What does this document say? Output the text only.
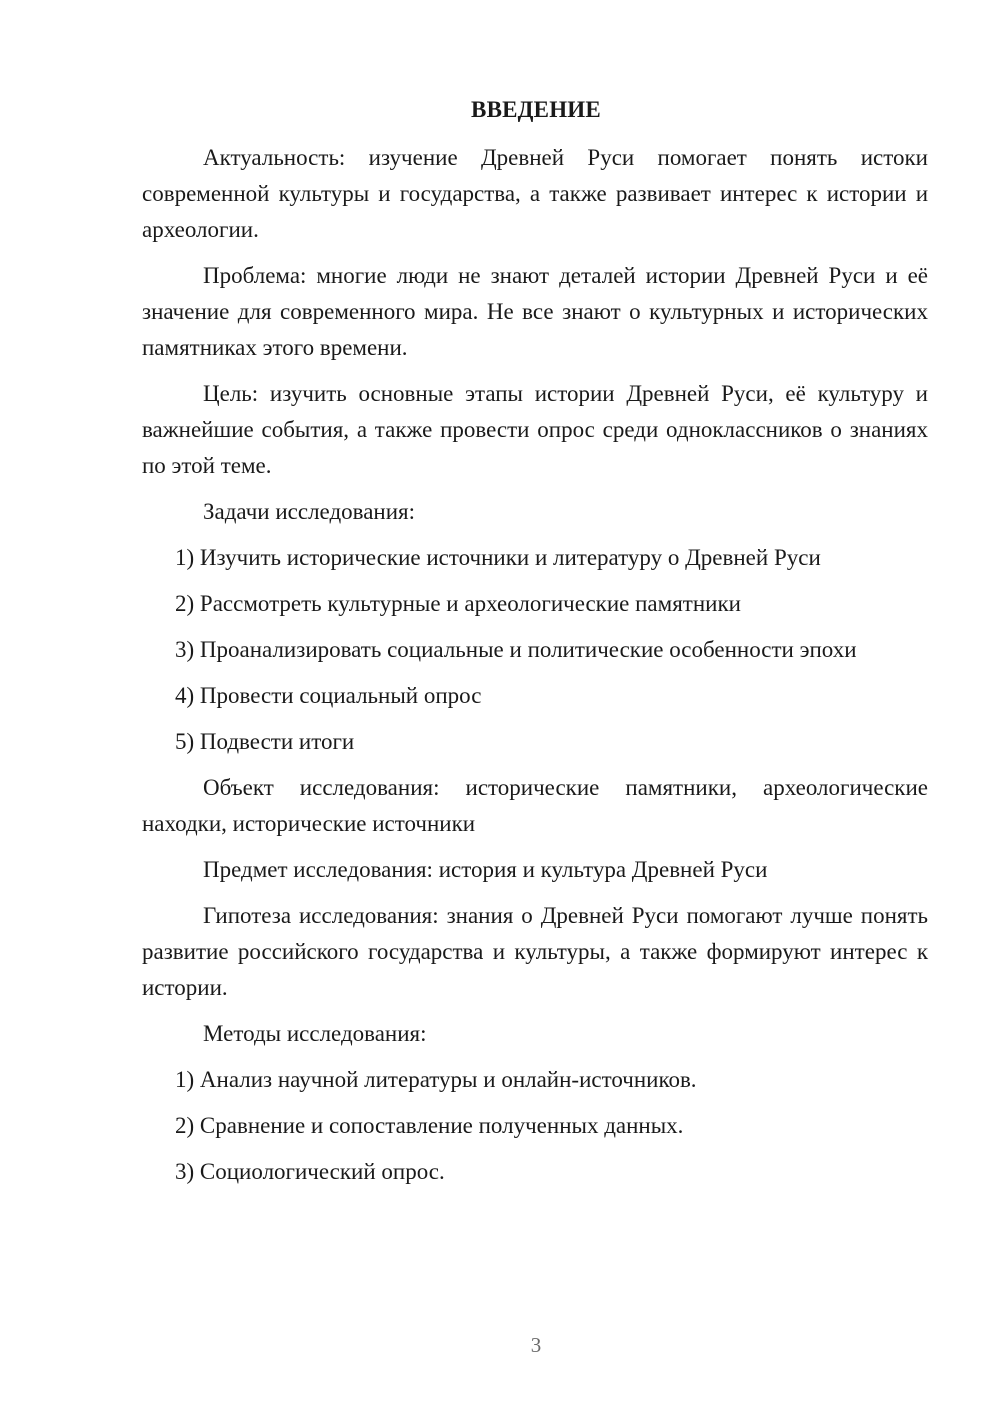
ВВЕДЕНИЕ

Актуальность: изучение Древней Руси помогает понять истоки современной культуры и государства, а также развивает интерес к истории и археологии.

Проблема: многие люди не знают деталей истории Древней Руси и её значение для современного мира. Не все знают о культурных и исторических памятниках этого времени.

Цель: изучить основные этапы истории Древней Руси, её культуру и важнейшие события, а также провести опрос среди одноклассников о знаниях по этой теме.

Задачи исследования:

1) Изучить исторические источники и литературу о Древней Руси
2) Рассмотреть культурные и археологические памятники
3) Проанализировать социальные и политические особенности эпохи
4) Провести социальный опрос
5) Подвести итоги

Объект исследования: исторические памятники, археологические находки, исторические источники

Предмет исследования: история и культура Древней Руси

Гипотеза исследования: знания о Древней Руси помогают лучше понять развитие российского государства и культуры, а также формируют интерес к истории.

Методы исследования:

1) Анализ научной литературы и онлайн-источников.
2) Сравнение и сопоставление полученных данных.
3) Социологический опрос.
3
